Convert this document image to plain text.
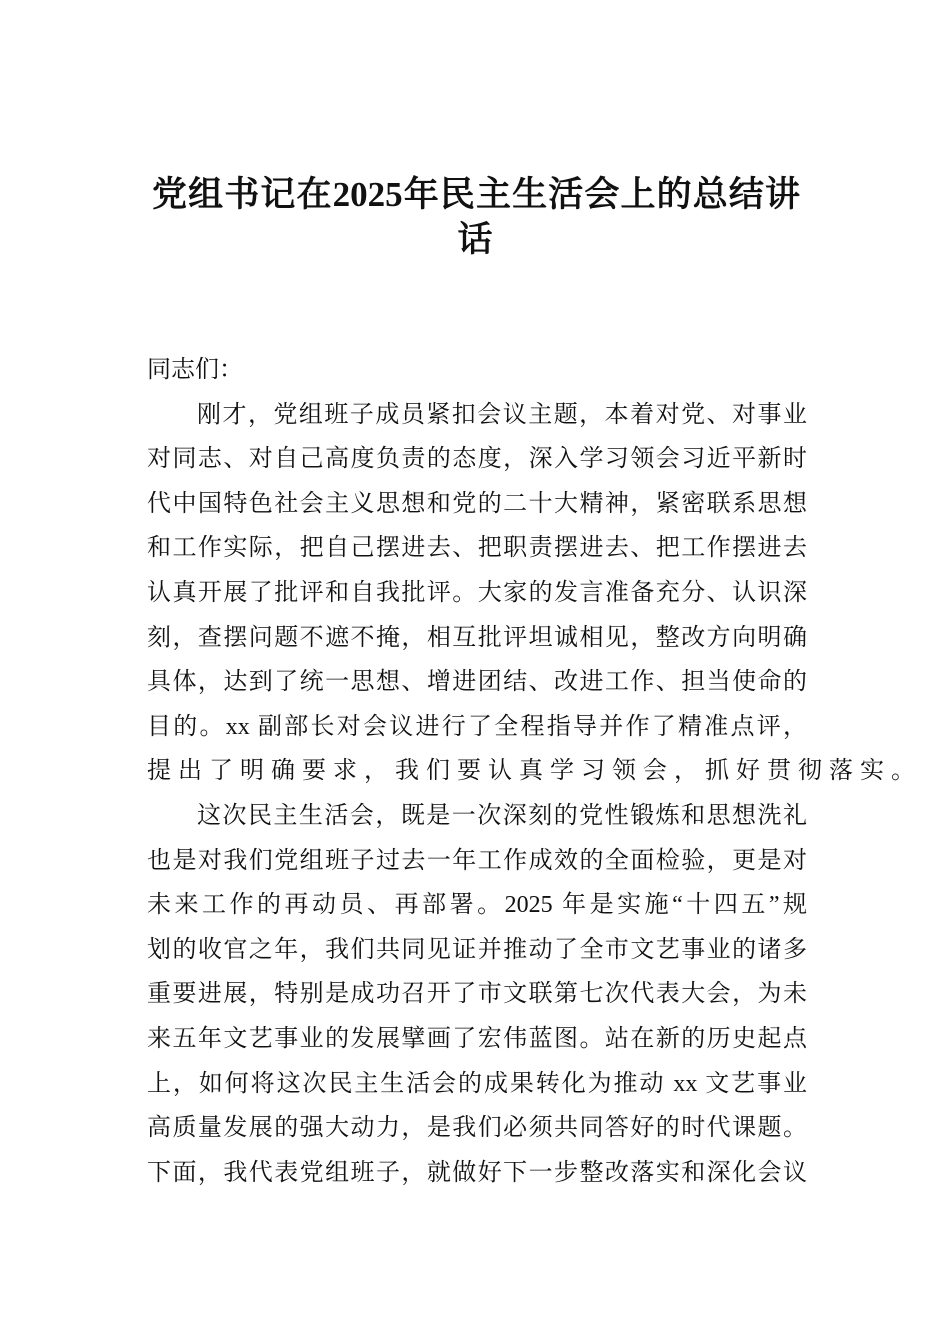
党组书记在2025年民主生活会上的总结讲
话
同志们：
刚才，党组班子成员紧扣会议主题，本着对党、对事业
对同志、对自己高度负责的态度，深入学习领会习近平新时
代中国特色社会主义思想和党的二十大精神，紧密联系思想
和工作实际，把自己摆进去、把职责摆进去、把工作摆进去
认真开展了批评和自我批评。大家的发言准备充分、认识深
刻，查摆问题不遮不掩，相互批评坦诚相见，整改方向明确
具体，达到了统一思想、增进团结、改进工作、担当使命的
目的。xx 副部长对会议进行了全程指导并作了精准点评，
提出了明确要求，我们要认真学习领会，抓好贯彻落实。
这次民主生活会，既是一次深刻的党性锻炼和思想洗礼
也是对我们党组班子过去一年工作成效的全面检验，更是对
未来工作的再动员、再部署。2025 年是实施“十四五”规
划的收官之年，我们共同见证并推动了全市文艺事业的诸多
重要进展，特别是成功召开了市文联第七次代表大会，为未
来五年文艺事业的发展擘画了宏伟蓝图。站在新的历史起点
上，如何将这次民主生活会的成果转化为推动 xx 文艺事业
高质量发展的强大动力，是我们必须共同答好的时代课题。
下面，我代表党组班子，就做好下一步整改落实和深化会议
